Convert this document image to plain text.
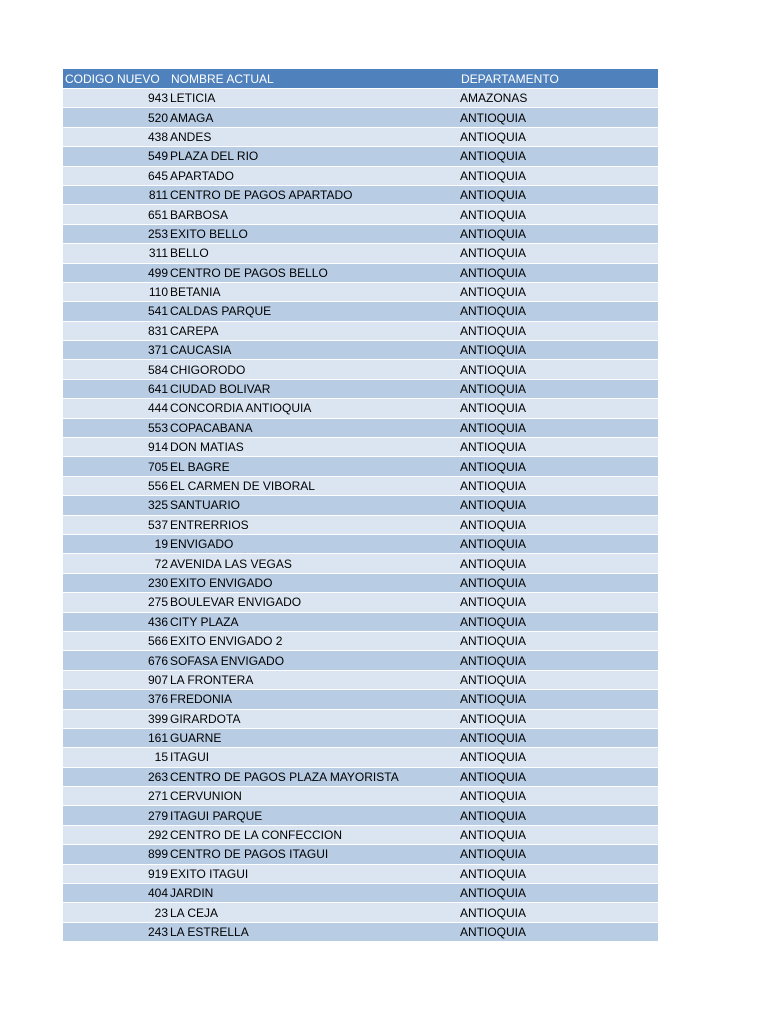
CODIGO NUEVO	NOMBRE ACTUAL	DEPARTAMENTO
943	LETICIA	AMAZONAS
520	AMAGA	ANTIOQUIA
438	ANDES	ANTIOQUIA
549	PLAZA DEL RIO	ANTIOQUIA
645	APARTADO	ANTIOQUIA
811	CENTRO DE PAGOS APARTADO	ANTIOQUIA
651	BARBOSA	ANTIOQUIA
253	EXITO BELLO	ANTIOQUIA
311	BELLO	ANTIOQUIA
499	CENTRO DE PAGOS BELLO	ANTIOQUIA
110	BETANIA	ANTIOQUIA
541	CALDAS PARQUE	ANTIOQUIA
831	CAREPA	ANTIOQUIA
371	CAUCASIA	ANTIOQUIA
584	CHIGORODO	ANTIOQUIA
641	CIUDAD BOLIVAR	ANTIOQUIA
444	CONCORDIA ANTIOQUIA	ANTIOQUIA
553	COPACABANA	ANTIOQUIA
914	DON MATIAS	ANTIOQUIA
705	EL BAGRE	ANTIOQUIA
556	EL CARMEN DE VIBORAL	ANTIOQUIA
325	SANTUARIO	ANTIOQUIA
537	ENTRERRIOS	ANTIOQUIA
19	ENVIGADO	ANTIOQUIA
72	AVENIDA LAS VEGAS	ANTIOQUIA
230	EXITO ENVIGADO	ANTIOQUIA
275	BOULEVAR ENVIGADO	ANTIOQUIA
436	CITY PLAZA	ANTIOQUIA
566	EXITO ENVIGADO 2	ANTIOQUIA
676	SOFASA ENVIGADO	ANTIOQUIA
907	LA FRONTERA	ANTIOQUIA
376	FREDONIA	ANTIOQUIA
399	GIRARDOTA	ANTIOQUIA
161	GUARNE	ANTIOQUIA
15	ITAGUI	ANTIOQUIA
263	CENTRO DE PAGOS PLAZA MAYORISTA	ANTIOQUIA
271	CERVUNION	ANTIOQUIA
279	ITAGUI PARQUE	ANTIOQUIA
292	CENTRO DE LA CONFECCION	ANTIOQUIA
899	CENTRO DE PAGOS ITAGUI	ANTIOQUIA
919	EXITO ITAGUI	ANTIOQUIA
404	JARDIN	ANTIOQUIA
23	LA CEJA	ANTIOQUIA
243	LA ESTRELLA	ANTIOQUIA
